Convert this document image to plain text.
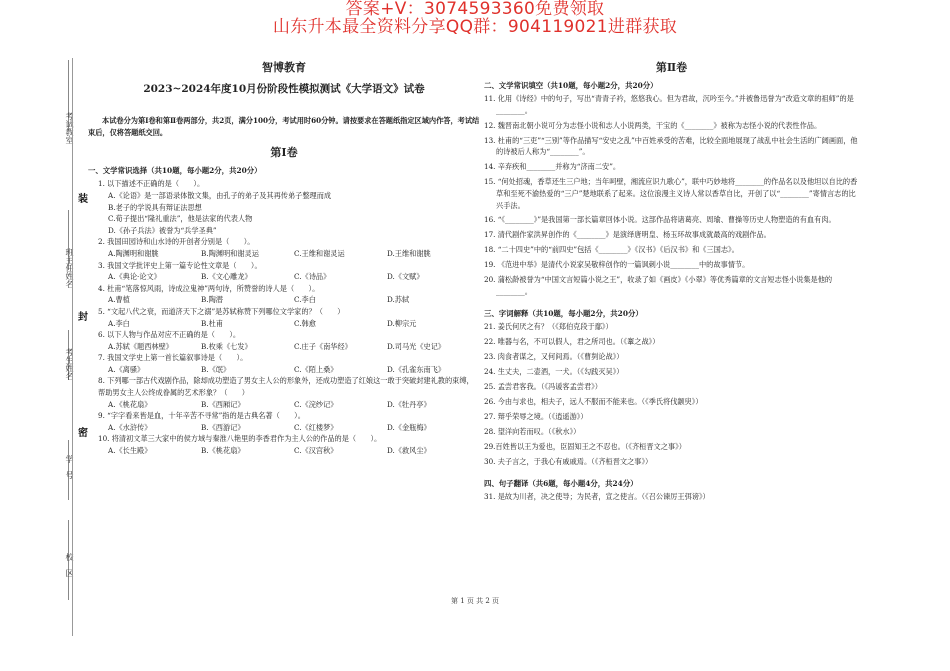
答案+V：3074593360免费领取
山东升本最全资料分享QQ群：904119021进群获取
考试教室
班主任姓名
考生姓名
学　号
校　区
装
封
密
智博教育
2023~2024年度10月份阶段性模拟测试《大学语文》试卷
本试卷分为第Ⅰ卷和第Ⅱ卷两部分，共2页，满分100分，考试用时60分钟。请按要求在答题纸指定区域内作答，考试结束后，仅将答题纸交回。
第Ⅰ卷
一、文学常识选择（共10题，每小题2分，共20分）
1. 以下描述不正确的是（　　）。
A.《论语》是一部语录体散文集，由孔子的弟子及其再传弟子整理而成
B.老子的学说具有辩证法思想
C.荀子提出“隆礼重法”，他是法家的代表人物
D.《孙子兵法》被誉为“兵学圣典”
2. 我国田园诗和山水诗的开创者分别是（　　）。
A.陶渊明和谢朓	B.陶渊明和谢灵运	C.王维和谢灵运	D.王维和谢朓
3. 我国文学批评史上第一篇专论性文章是（　　）。
A.《典论·论文》	B.《文心雕龙》	C.《诗品》	D.《文赋》
4. 杜甫“笔落惊风雨，诗成泣鬼神”两句诗，所赞誉的诗人是（　　）。
A.曹植	B.陶潜	C.李白	D.苏轼
5. “文起八代之衰，而道济天下之溺”是苏轼称赞下列哪位文学家的？（　　）
A.李白	B.杜甫	C.韩愈	D.柳宗元
6. 以下人物与作品对应不正确的是（　　）。
A.苏轼《题西林壁》	B.枚乘《七发》	C.庄子《南华经》	D.司马光《史记》
7. 我国文学史上第一首长篇叙事诗是（　　）。
A.《离骚》	B.《氓》	C.《陌上桑》	D.《孔雀东南飞》
8. 下列哪一部古代戏剧作品，除却成功塑造了男女主人公的形象外，还成功塑造了红娘这一敢于突破封建礼教的束缚，帮助男女主人公终成眷属的艺术形象？（　　）
A.《桃花扇》	B.《西厢记》	C.《浣纱记》	D.《牡丹亭》
9. “字字看来皆是血，十年辛苦不寻常”指的是古典名著（　　）。
A.《水浒传》	B.《西游记》	C.《红楼梦》	D.《金瓶梅》
10. 将清初文革三大家中的侯方域与秦淮八艳里的李香君作为主人公的作品的是（　　）。
A.《长生殿》	B.《桃花扇》	C.《汉宫秋》	D.《救风尘》
第Ⅱ卷
二、文学常识填空（共10题，每小题2分，共20分）
11. 化用《诗经》中的句子，写出“青青子衿，悠悠我心。但为君故，沉吟至今。”并被鲁迅誉为“改造文章的祖师”的是________。
12. 魏晋南北朝小说可分为志怪小说和志人小说两类，干宝的《________》被称为志怪小说的代表性作品。
13. 杜甫的“三吏”“三别”等作品描写“安史之乱”中百姓承受的苦难，比较全面地展现了战乱中社会生活的广阔画面，他的诗被后人称为“________”。
14. 辛弃疾和________并称为“济南二安”。
15. “何处招魂，香草还生三户地；当年呵壁，湘流应识九歌心”，联中巧妙地将________的作品名以及他坦以自比的香草和至死不渝热爱的“三户”楚地联系了起来。这位浪漫主义诗人常以香草自比，开创了以“________”寄情言志的比兴手法。
16. “《________》”是我国第一部长篇章回体小说。这部作品将诸葛亮、周瑜、曹操等历史人物塑造的有血有肉。
17. 清代剧作家洪昇创作的《________》是演绎唐明皇、杨玉环故事成就最高的戏剧作品。
18. “二十四史”中的“前四史”包括《________》《汉书》《后汉书》和《三国志》。
19. 《范进中举》是清代小说家吴敬梓创作的一篇讽刺小说________中的故事情节。
20. 蒲松龄被誉为“中国文言短篇小说之王”，收录了如《画皮》《小翠》等优秀篇章的文言短志怪小说集是他的________。
三、字词解释（共10题，每小题2分，共20分）
21. 姜氏何厌之有？（《郑伯克段于鄢》）
22. 唯器与名，不可以假人，君之所司也。（《鞌之战》）
23. 肉食者谋之，又何间焉。（《曹刿论战》）
24. 生丈夫，二壶酒，一犬。（《勾践灭吴》）
25. 孟尝君客我。（《冯谖客孟尝君》）
26. 今由与求也，相夫子，远人不服而不能来也。（《季氏将伐颛臾》）
27. 辩乎荣辱之境。（《逍遥游》）
28. 望洋向若而叹。（《秋水》）
29.百姓皆以王为爱也，臣固知王之不忍也。（《齐桓晋文之事》）
30. 夫子言之，于我心有戚戚焉。（《齐桓晋文之事》）
四、句子翻译（共6题，每小题4分，共24分）
31. 是故为川者，决之使导；为民者，宣之使言。（《召公谏厉王弭谤》）
第 1 页 共 2 页
